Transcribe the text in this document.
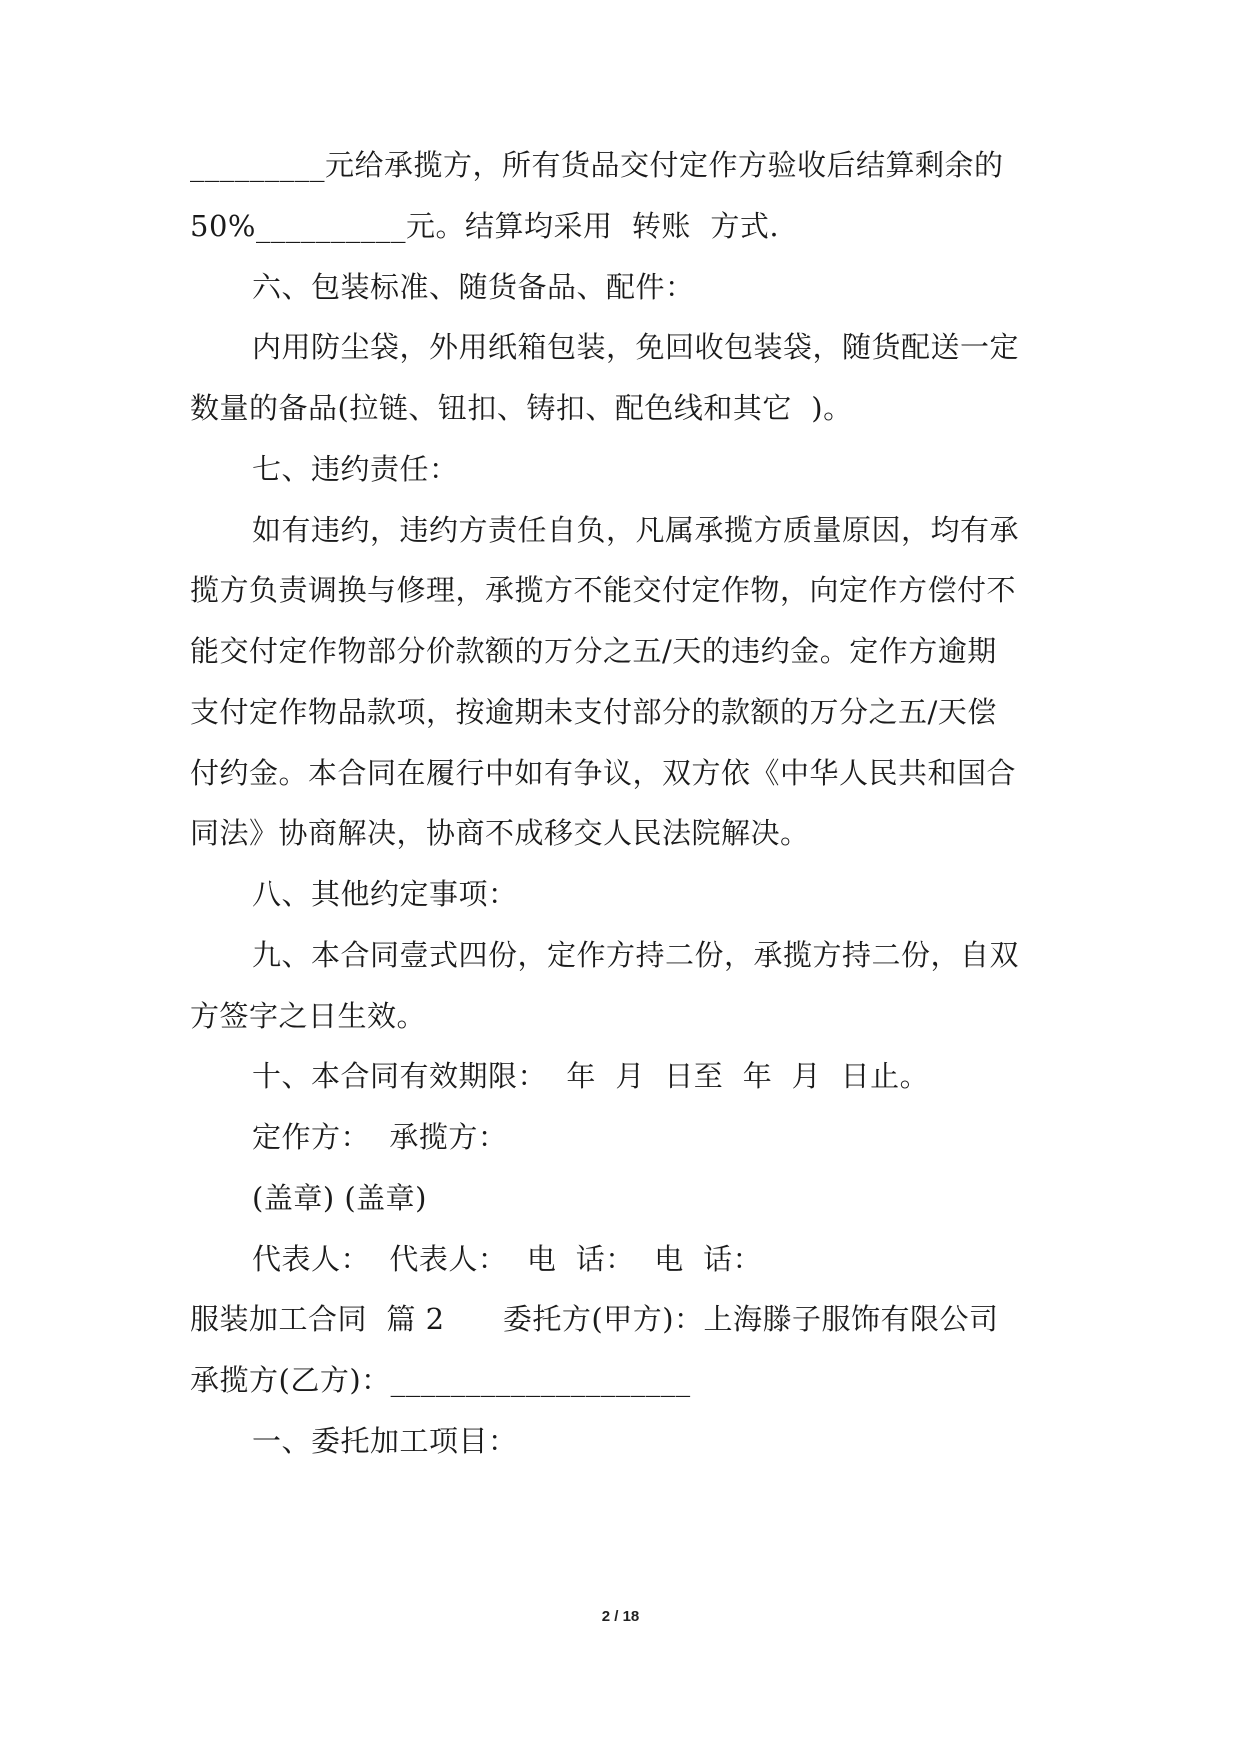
_________元给承揽方，所有货品交付定作方验收后结算剩余的
50%__________元。结算均采用  转账  方式.
六、包装标准、随货备品、配件：
内用防尘袋，外用纸箱包装，免回收包装袋，随货配送一定
数量的备品(拉链、钮扣、铸扣、配色线和其它  )。
七、违约责任：
如有违约，违约方责任自负，凡属承揽方质量原因，均有承
揽方负责调换与修理，承揽方不能交付定作物，向定作方偿付不
能交付定作物部分价款额的万分之五/天的违约金。定作方逾期
支付定作物品款项，按逾期未支付部分的款额的万分之五/天偿
付约金。本合同在履行中如有争议，双方依《中华人民共和国合
同法》协商解决，协商不成移交人民法院解决。
八、其他约定事项：
九、本合同壹式四份，定作方持二份，承揽方持二份，自双
方签字之日生效。
十、本合同有效期限：  年  月  日至  年  月  日止。
定作方：  承揽方：
(盖章) (盖章)
代表人：  代表人：  电  话：  电  话：
服装加工合同  篇 2      委托方(甲方)：上海滕子服饰有限公司
承揽方(乙方)：____________________
一、委托加工项目：
2 / 18
